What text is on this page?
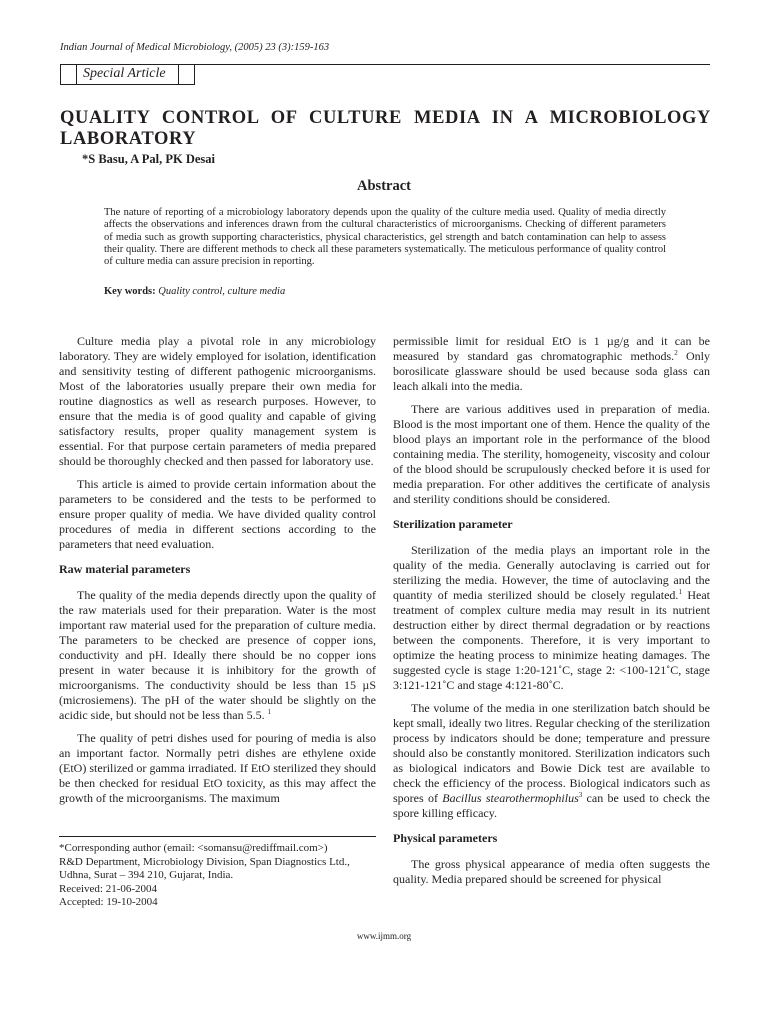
Indian Journal of Medical Microbiology, (2005) 23 (3):159-163
Special Article
QUALITY CONTROL OF CULTURE MEDIA IN A MICROBIOLOGY LABORATORY
*S Basu, A Pal, PK Desai
Abstract
The nature of reporting of a microbiology laboratory depends upon the quality of the culture media used. Quality of media directly affects the observations and inferences drawn from the cultural characteristics of microorganisms. Checking of different parameters of media such as growth supporting characteristics, physical characteristics, gel strength and batch contamination can help to assess their quality. There are different methods to check all these parameters systematically. The meticulous performance of quality control of culture media can assure precision in reporting.
Key words: Quality control, culture media

Culture media play a pivotal role in any microbiology laboratory. They are widely employed for isolation, identification and sensitivity testing of different pathogenic microorganisms. Most of the laboratories usually prepare their own media for routine diagnostics as well as research purposes. However, to ensure that the media is of good quality and capable of giving satisfactory results, proper quality management system is essential. For that purpose certain parameters of media prepared should be thoroughly checked and then passed for laboratory use.

This article is aimed to provide certain information about the parameters to be considered and the tests to be performed to ensure proper quality of media. We have divided quality control procedures of media in different sections according to the parameters that need evaluation.

Raw material parameters

The quality of the media depends directly upon the quality of the raw materials used for their preparation. Water is the most important raw material used for the preparation of culture media. The parameters to be checked are presence of copper ions, conductivity and pH. Ideally there should be no copper ions present in water because it is inhibitory for the growth of microorganisms. The conductivity should be less than 15 µS (microsiemens). The pH of the water should be slightly on the acidic side, but should not be less than 5.5. $^1$

The quality of petri dishes used for pouring of media is also an important factor. Normally petri dishes are ethylene oxide (EtO) sterilized or gamma irradiated. If EtO sterilized they should be then checked for residual EtO toxicity, as this may affect the growth of the microorganisms. The maximum

*Corresponding author (email: <somansu@rediffmail.com>)
R&D Department, Microbiology Division, Span Diagnostics Ltd.,
Udhna, Surat – 394 210, Gujarat, India.
Received: 21-06-2004
Accepted: 19-10-2004

permissible limit for residual EtO is 1 µg/g and it can be measured by standard gas chromatographic methods.$^2$ Only borosilicate glassware should be used because soda glass can leach alkali into the media.

There are various additives used in preparation of media. Blood is the most important one of them. Hence the quality of the blood plays an important role in the performance of the blood containing media. The sterility, homogeneity, viscosity and colour of the blood should be scrupulously checked before it is used for media preparation. For other additives the certificate of analysis and sterility conditions should be considered.

Sterilization parameter

Sterilization of the media plays an important role in the quality of the media. Generally autoclaving is carried out for sterilizing the media. However, the time of autoclaving and the quantity of media sterilized should be closely regulated.$^1$ Heat treatment of complex culture media may result in its nutrient destruction either by direct thermal degradation or by reactions between the components. Therefore, it is very important to optimize the heating process to minimize heating damages. The suggested cycle is stage 1:20-121˚C, stage 2: <100-121˚C, stage 3:121-121˚C and stage 4:121-80˚C.

The volume of the media in one sterilization batch should be kept small, ideally two litres. Regular checking of the sterilization process by indicators should be done; temperature and pressure should also be constantly monitored. Sterilization indicators such as biological indicators and Bowie Dick test are available to check the efficiency of the process. Biological indicators such as spores of Bacillus stearothermophilus$^3$ can be used to check the spore killing efficacy.

Physical parameters

The gross physical appearance of media often suggests the quality. Media prepared should be screened for physical

www.ijmm.org
